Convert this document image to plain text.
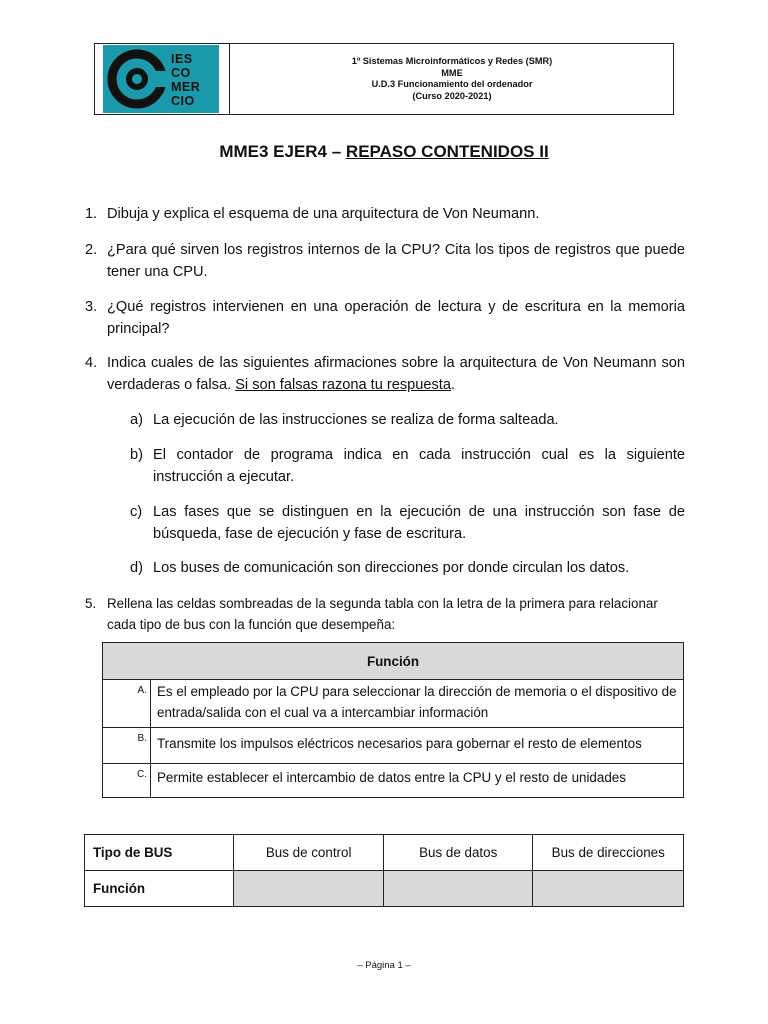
IES
CO
MER
CIO
1º Sistemas Microinformáticos y Redes (SMR)
MME
U.D.3 Funcionamiento del ordenador
(Curso 2020-2021)
MME3 EJER4 – REPASO CONTENIDOS II
1. Dibuja y explica el esquema de una arquitectura de Von Neumann.
2. ¿Para qué sirven los registros internos de la CPU? Cita los tipos de registros que puede tener una CPU.
3. ¿Qué registros intervienen en una operación de lectura y de escritura en la memoria principal?
4. Indica cuales de las siguientes afirmaciones sobre la arquitectura de Von Neumann son verdaderas o falsa. Si son falsas razona tu respuesta.
a) La ejecución de las instrucciones se realiza de forma salteada.
b) El contador de programa indica en cada instrucción cual es la siguiente instrucción a ejecutar.
c) Las fases que se distinguen en la ejecución de una instrucción son fase de búsqueda, fase de ejecución y fase de escritura.
d) Los buses de comunicación son direcciones por donde circulan los datos.
5. Rellena las celdas sombreadas de la segunda tabla con la letra de la primera para relacionar cada tipo de bus con la función que desempeña:
Función	
A.	Es el empleado por la CPU para seleccionar la dirección de memoria o el dispositivo de entrada/salida con el cual va a intercambiar información
B.	Transmite los impulsos eléctricos necesarios para gobernar el resto de elementos
C.	Permite establecer el intercambio de datos entre la CPU y el resto de unidades
Tipo de BUS	Bus de control	Bus de datos	Bus de direcciones
Función			
– Página 1 –
